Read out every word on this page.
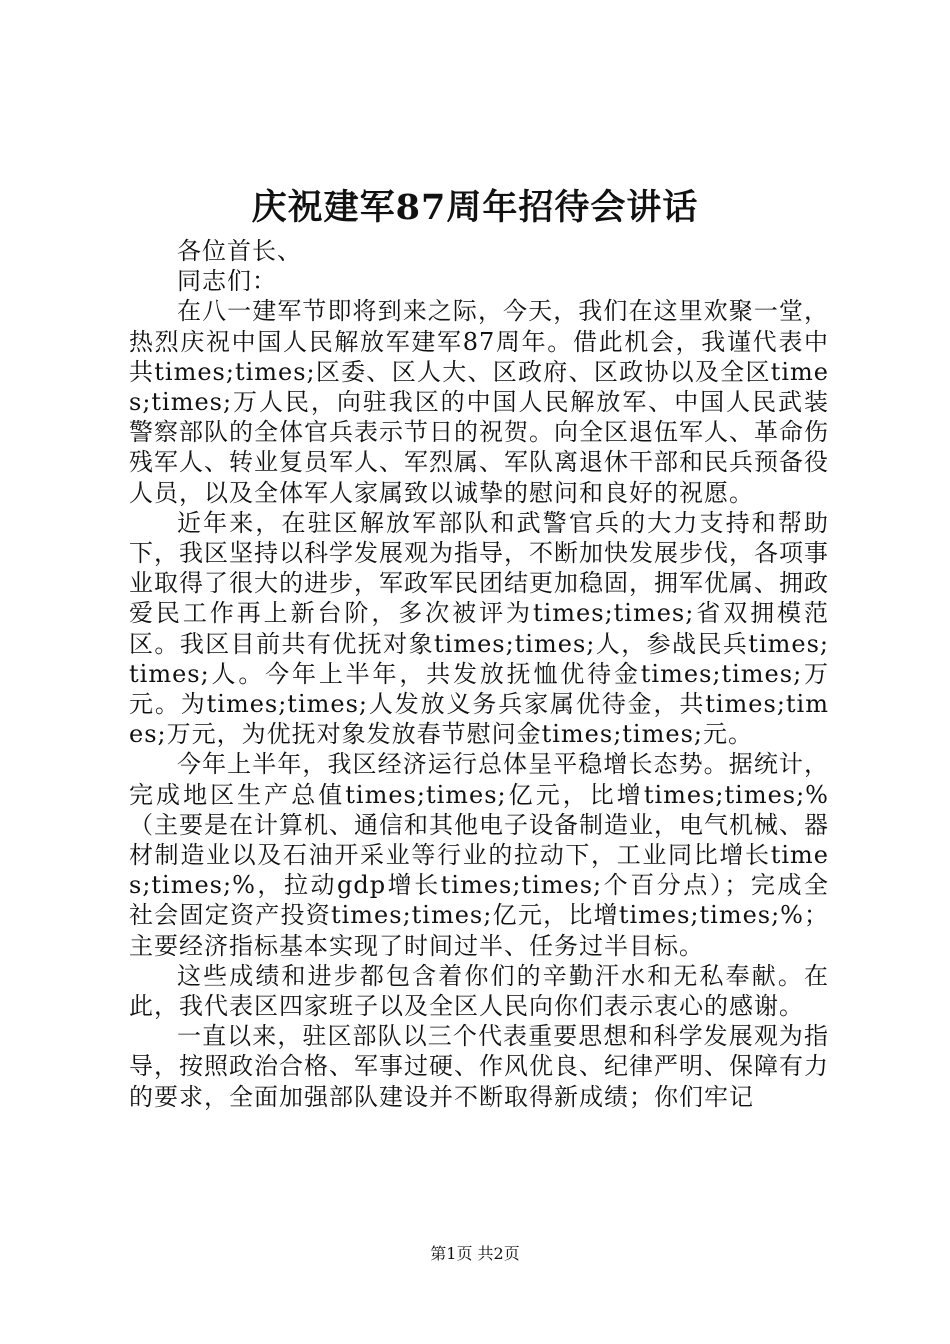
庆祝建军87周年招待会讲话

各位首长、

同志们：

在八一建军节即将到来之际，今天，我们在这里欢聚一堂，热烈庆祝中国人民解放军建军87周年。借此机会，我谨代表中共times;times;区委、区人大、区政府、区政协以及全区times;times;万人民，向驻我区的中国人民解放军、中国人民武装警察部队的全体官兵表示节日的祝贺。向全区退伍军人、革命伤残军人、转业复员军人、军烈属、军队离退休干部和民兵预备役人员，以及全体军人家属致以诚挚的慰问和良好的祝愿。

近年来，在驻区解放军部队和武警官兵的大力支持和帮助下，我区坚持以科学发展观为指导，不断加快发展步伐，各项事业取得了很大的进步，军政军民团结更加稳固，拥军优属、拥政爱民工作再上新台阶，多次被评为times;times;省双拥模范区。我区目前共有优抚对象times;times;人，参战民兵times;times;人。今年上半年，共发放抚恤优待金times;times;万元。为times;times;人发放义务兵家属优待金，共times;times;万元，为优抚对象发放春节慰问金times;times;元。

今年上半年，我区经济运行总体呈平稳增长态势。据统计，完成地区生产总值times;times;亿元，比增times;times;%（主要是在计算机、通信和其他电子设备制造业，电气机械、器材制造业以及石油开采业等行业的拉动下，工业同比增长times;times;%，拉动gdp增长times;times;个百分点）；完成全社会固定资产投资times;times;亿元，比增times;times;%；主要经济指标基本实现了时间过半、任务过半目标。

这些成绩和进步都包含着你们的辛勤汗水和无私奉献。在此，我代表区四家班子以及全区人民向你们表示衷心的感谢。

一直以来，驻区部队以三个代表重要思想和科学发展观为指导，按照政治合格、军事过硬、作风优良、纪律严明、保障有力的要求，全面加强部队建设并不断取得新成绩；你们牢记

第1页 共2页
